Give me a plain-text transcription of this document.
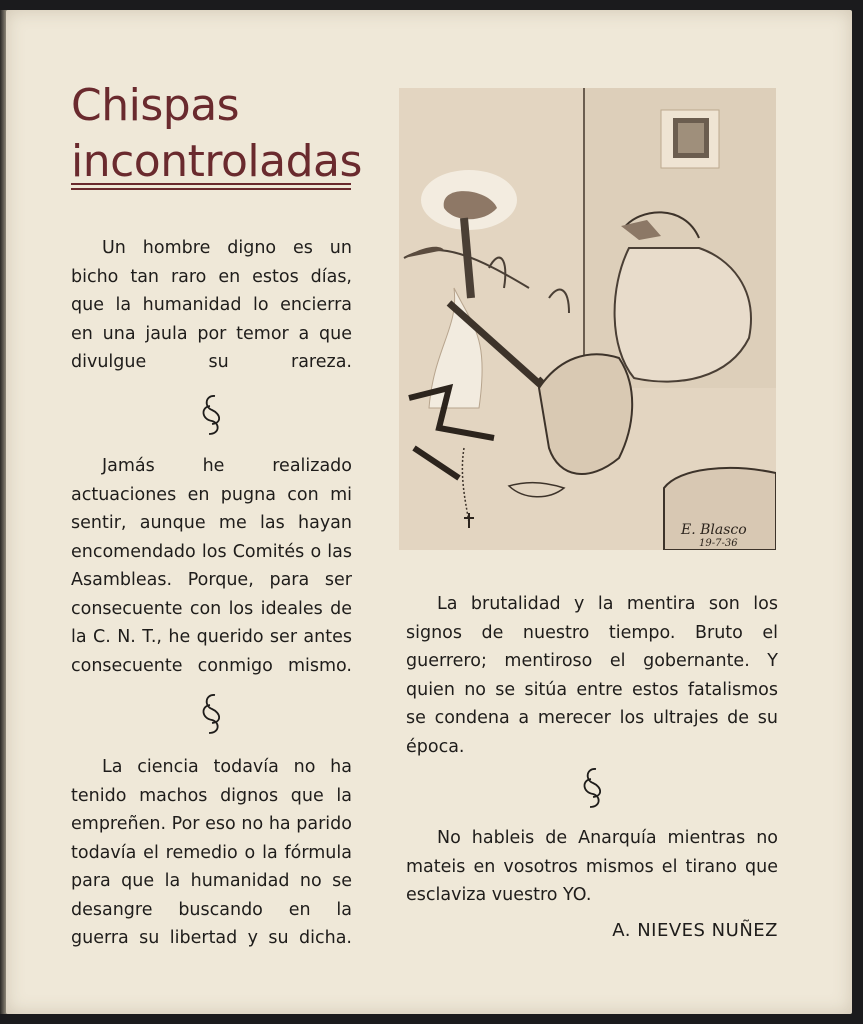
Chispas
incontroladas

Un hombre digno es un bicho tan raro en estos días, que la humanidad lo encierra en una jaula por temor a que divulgue su rareza.

Jamás he realizado actuaciones en pugna con mi sentir, aunque me las hayan encomendado los Comités o las Asambleas. Porque, para ser consecuente con los ideales de la C. N. T., he querido ser antes consecuente conmigo mismo.

La ciencia todavía no ha tenido machos dignos que la empreñen. Por eso no ha parido todavía el remedio o la fórmula para que la humanidad no se desangre buscando en la guerra su libertad y su dicha.

E. Blasco
19-7-36

La brutalidad y la mentira son los signos de nuestro tiempo. Bruto el guerrero; mentiroso el gobernante. Y quien no se sitúa entre estos fatalismos se condena a merecer los ultrajes de su época.

No hableis de Anarquía mientras no mateis en vosotros mismos el tirano que esclaviza vuestro YO.

A. NIEVES NUÑEZ
